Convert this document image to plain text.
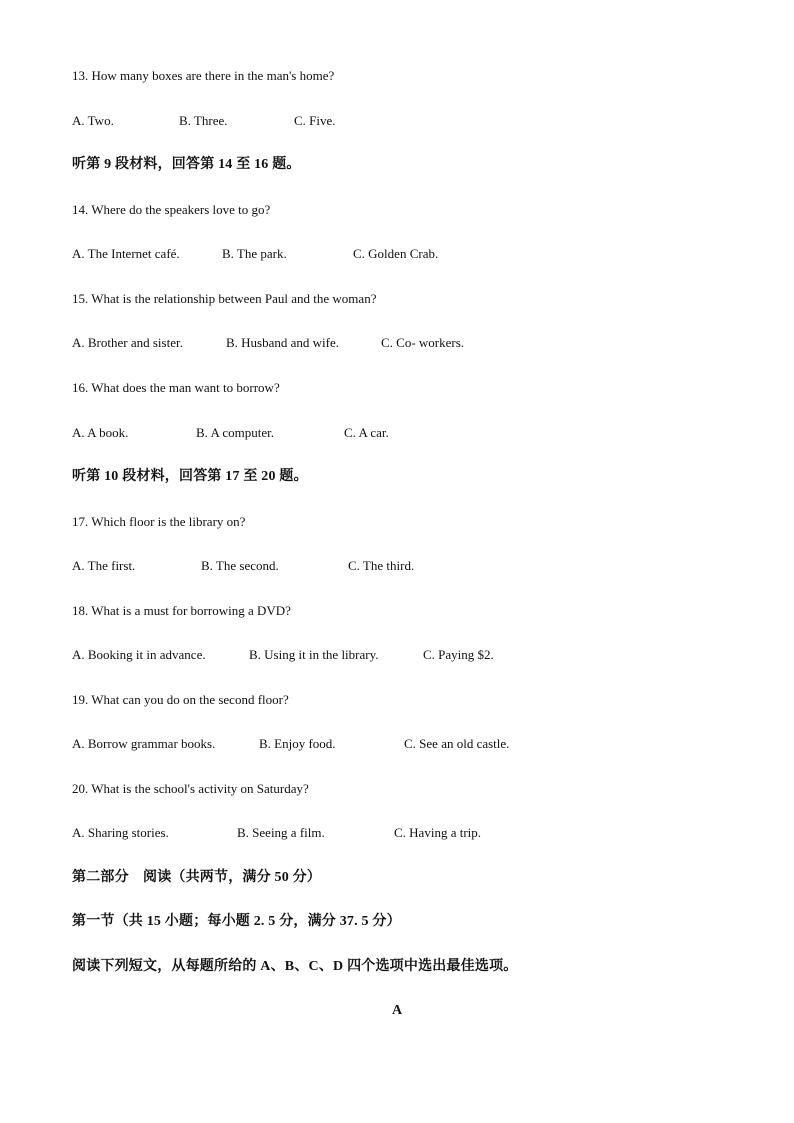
13. How many boxes are there in the man's home?
A. Two.	B. Three.	C. Five.
听第 9 段材料，回答第 14 至 16 题。
14. Where do the speakers love to go?
A. The Internet café.	B. The park.	C. Golden Crab.
15. What is the relationship between Paul and the woman?
A. Brother and sister.	B. Husband and wife.	C. Co- workers.
16. What does the man want to borrow?
A. A book.	B. A computer.	C. A car.
听第 10 段材料，回答第 17 至 20 题。
17. Which floor is the library on?
A. The first.	B. The second.	C. The third.
18. What is a must for borrowing a DVD?
A. Booking it in advance.	B. Using it in the library.	C. Paying $2.
19. What can you do on the second floor?
A. Borrow grammar books.	B. Enjoy food.	C. See an old castle.
20. What is the school's activity on Saturday?
A. Sharing stories.	B. Seeing a film.	C. Having a trip.
第二部分　阅读（共两节，满分 50 分）
第一节（共 15 小题；每小题 2. 5 分，满分 37. 5 分）
阅读下列短文，从每题所给的 A、B、C、D 四个选项中选出最佳选项。
A
